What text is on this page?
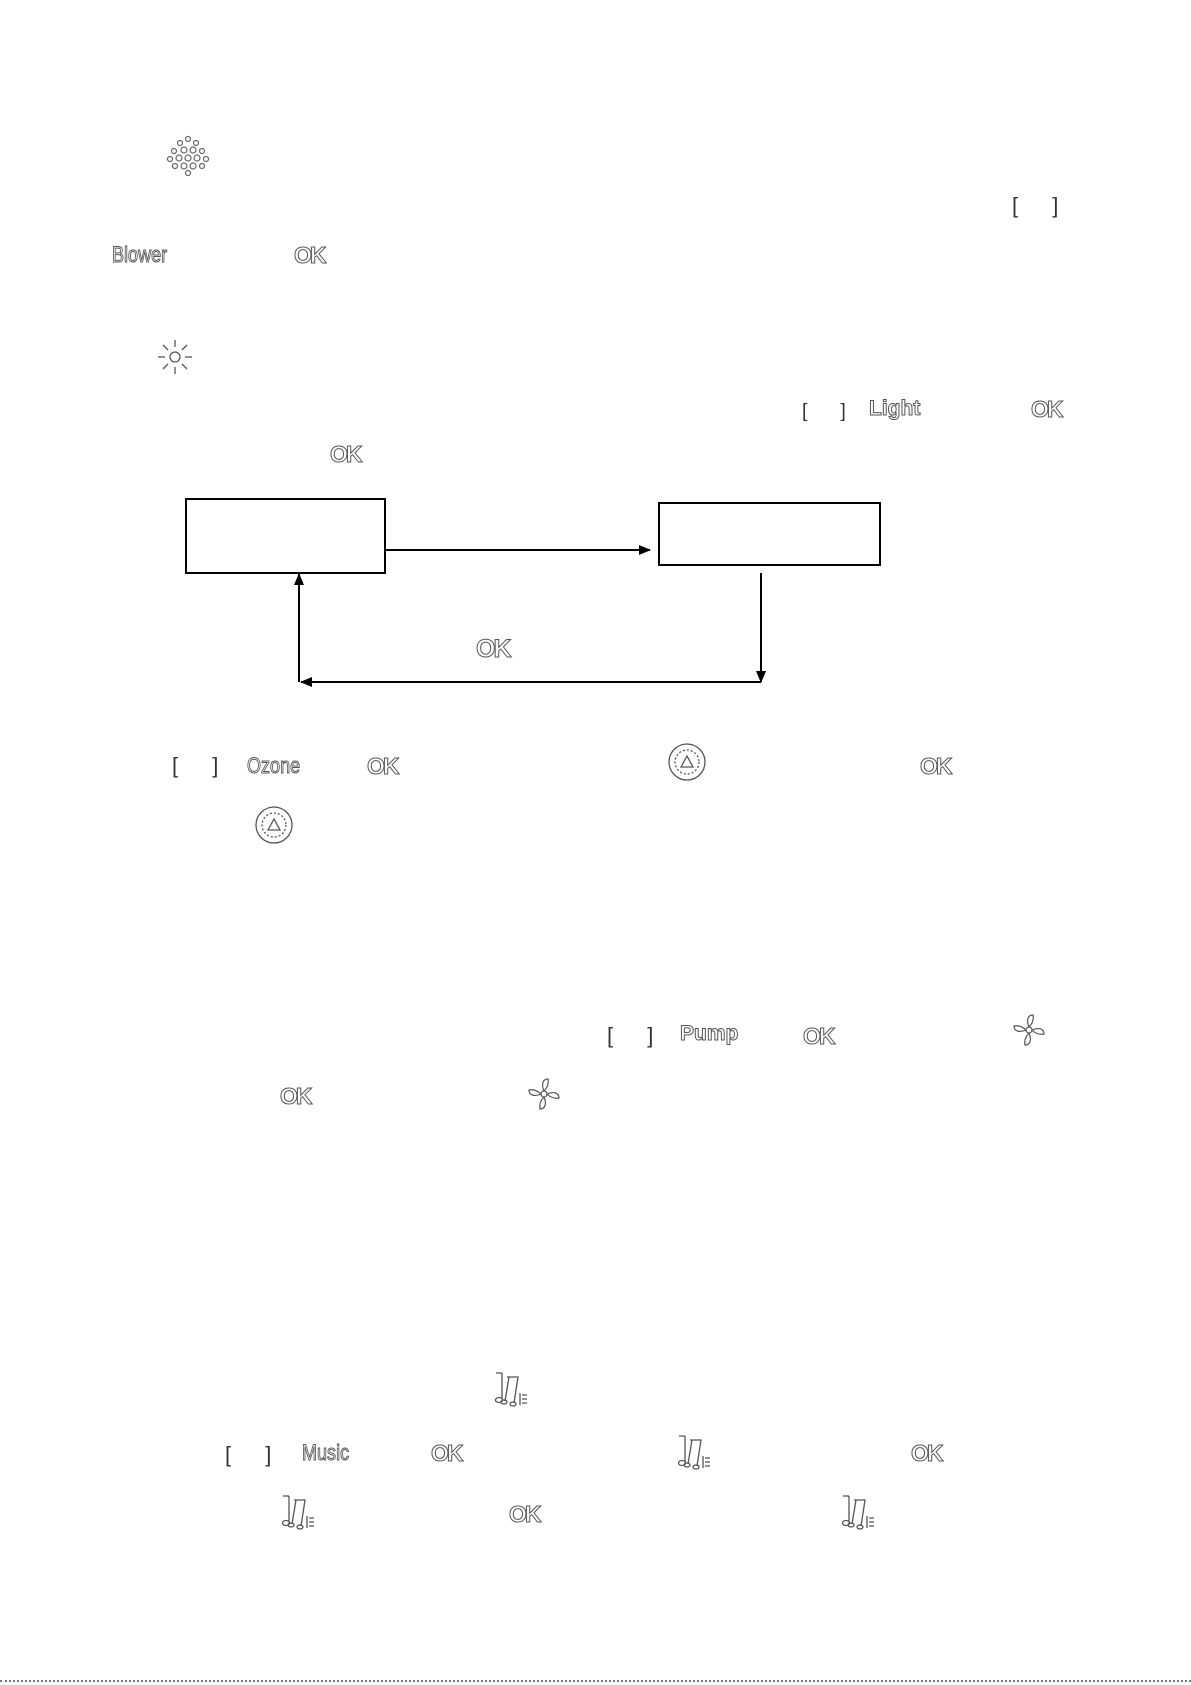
[ ]
Blower	OK
[ ] Light	OK
OK
OK
[ ] Ozone	OK	OK
[ ] Pump	OK
OK
[ ] Music	OK	OK
OK
